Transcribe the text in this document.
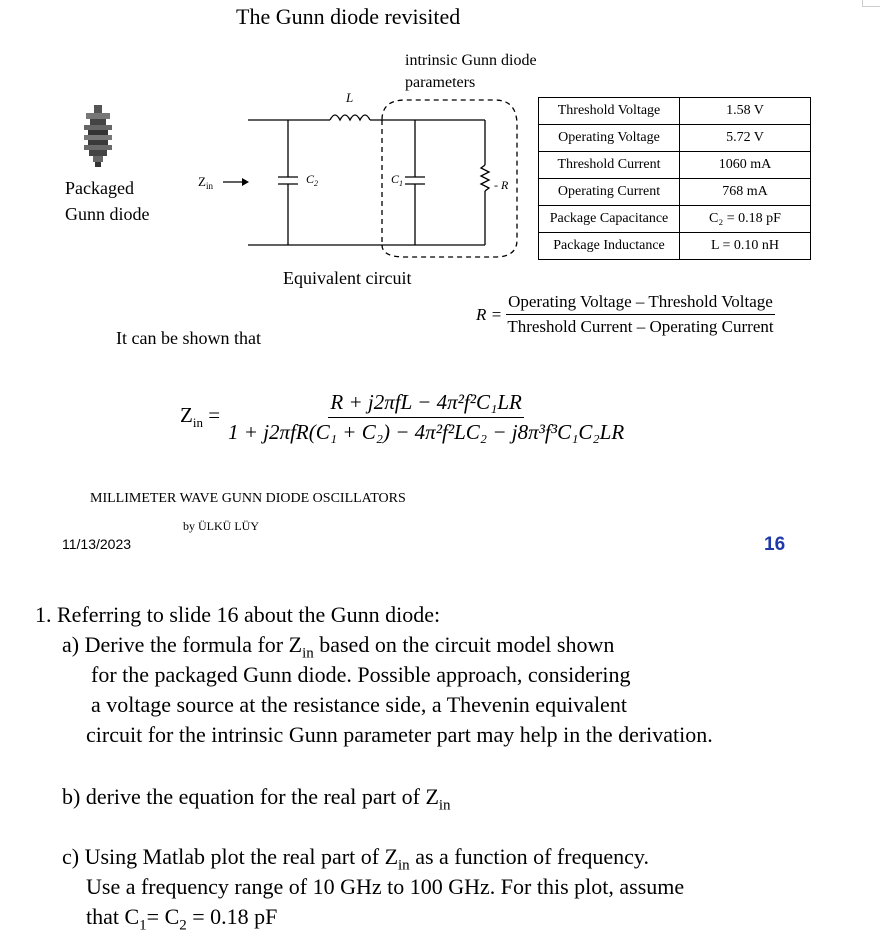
The Gunn diode revisited
intrinsic Gunn diode
parameters
Packaged
Gunn diode
L
$Z_{in}$	$C_2$	$C_1$	- R
Threshold Voltage	1.58 V
Operating Voltage	5.72 V
Threshold Current	1060 mA
Operating Current	768 mA
Package Capacitance	C₂ = 0.18 pF
Package Inductance	L = 0.10 nH
Equivalent circuit
$R = \frac{\text{Operating Voltage – Threshold Voltage}}{\text{Threshold Current – Operating Current}}$
It can be shown that
$Z_{in} = \frac{\text{R + j2πfL − 4π²f²C₁LR}}{\text{1 + j2πfR(C₁ + C₂) − 4π²f²LC₂ − j8π³f³C₁C₂LR}}$
MILLIMETER WAVE GUNN DIODE OSCILLATORS
by ÜLKÜ LÜY
11/13/2023	16
1. Referring to slide 16 about the Gunn diode:
a) Derive the formula for $Z_{in}$ based on the circuit model shown
for the packaged Gunn diode. Possible approach, considering
a voltage source at the resistance side, a Thevenin equivalent
circuit for the intrinsic Gunn parameter part may help in the derivation.
b) derive the equation for the real part of $Z_{in}$
c) Using Matlab plot the real part of $Z_{in}$ as a function of frequency.
Use a frequency range of 10 GHz to 100 GHz. For this plot, assume
that $C_1= C_2 = 0.18$ pF
